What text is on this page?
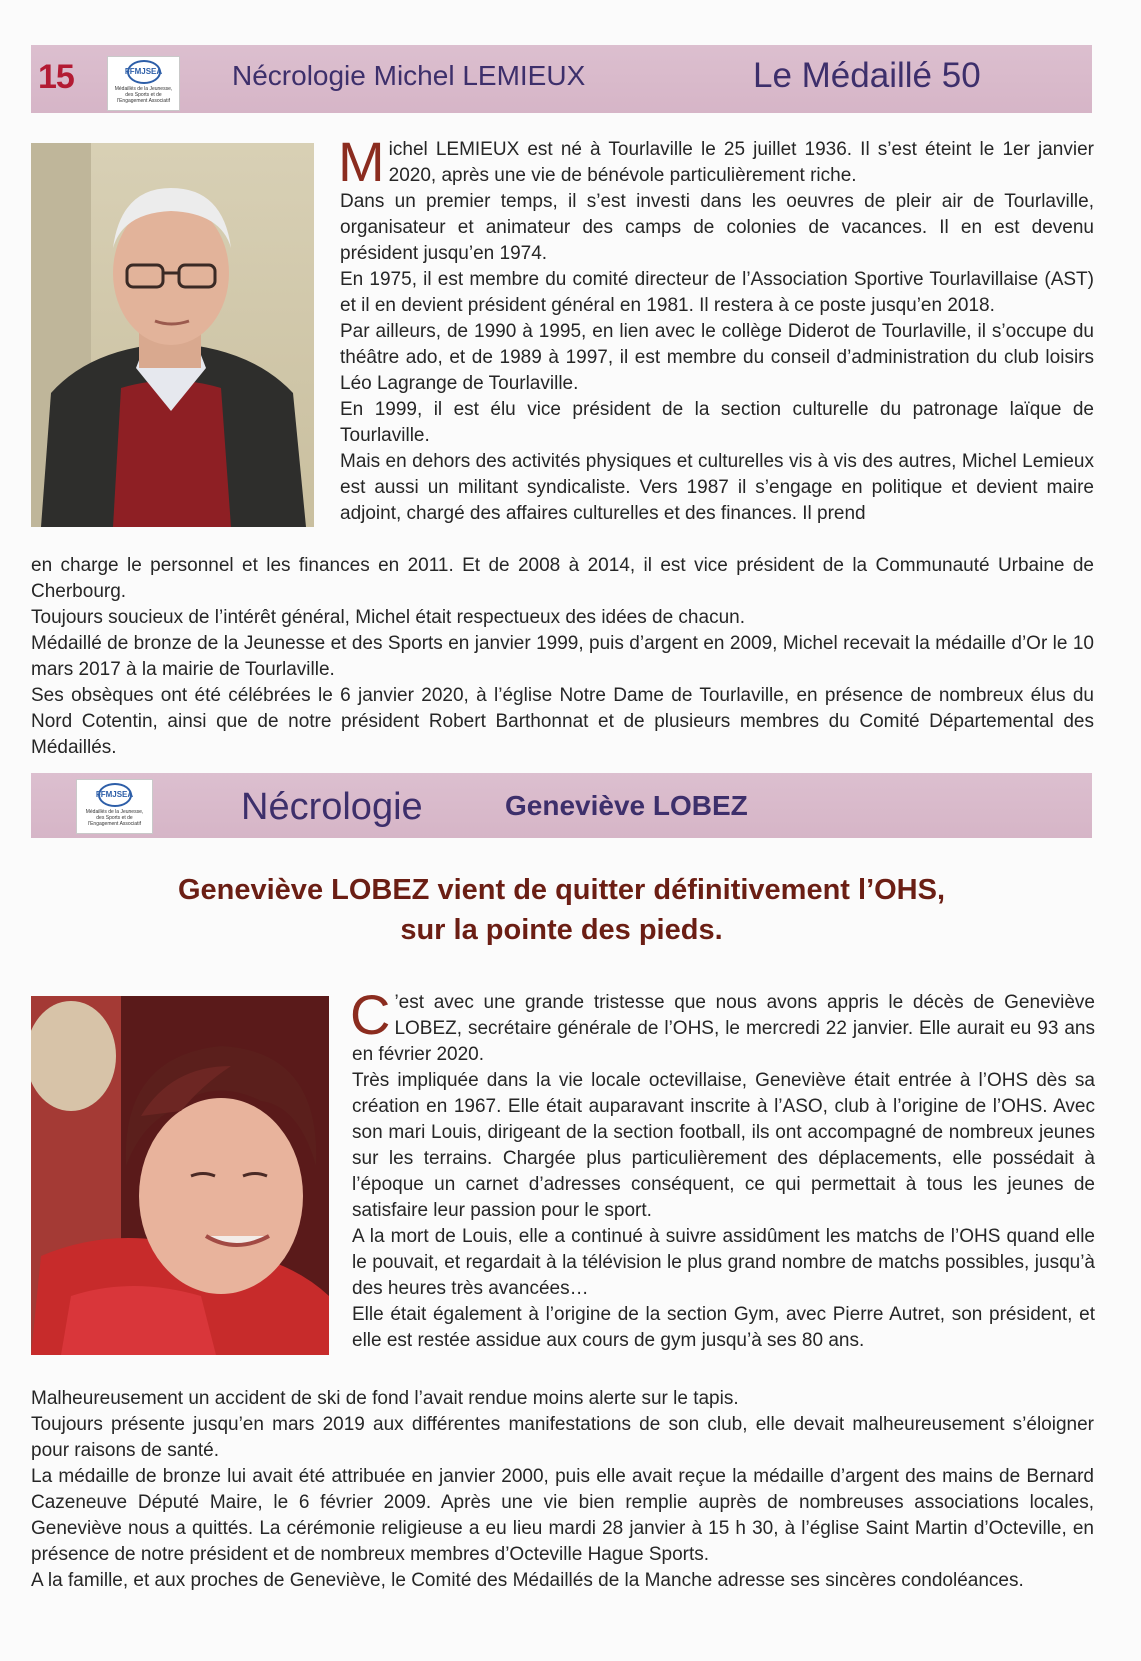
15	FFMJSEA
Médaillés de la Jeunesse, des Sports et de l'Engagement Associatif
Nécrologie Michel LEMIEUX	Le Médaillé 50
Michel LEMIEUX est né à Tourlaville le 25 juillet 1936. Il s’est éteint le 1er janvier 2020, après une vie de bénévole particulièrement riche.
Dans un premier temps, il s’est investi dans les oeuvres de pleir air de Tourlaville, organisateur et animateur des camps de colonies de vacances. Il en est devenu président jusqu’en 1974.
En 1975, il est membre du comité directeur de l’Association Sportive Tourlavillaise (AST) et il en devient président général en 1981. Il restera à ce poste jusqu’en 2018.
Par ailleurs, de 1990 à 1995, en lien avec le collège Diderot de Tourlaville, il s’occupe du théâtre ado, et de 1989 à 1997, il est membre du conseil d’administration du club loisirs Léo Lagrange de Tourlaville.
En 1999, il est élu vice président de la section culturelle du patronage laïque de Tourlaville.
Mais en dehors des activités physiques et culturelles vis à vis des autres, Michel Lemieux est aussi un militant syndicaliste. Vers 1987 il s’engage en politique et devient maire adjoint, chargé des affaires culturelles et des finances. Il prend
en charge le personnel et les finances en 2011. Et de 2008 à 2014, il est vice président de la Communauté Urbaine de Cherbourg.
Toujours soucieux de l’intérêt général, Michel était respectueux des idées de chacun.
Médaillé de bronze de la Jeunesse et des Sports en janvier 1999, puis d’argent en 2009, Michel recevait la médaille d’Or le 10 mars 2017 à la mairie de Tourlaville.
Ses obsèques ont été célébrées le 6 janvier 2020, à l’église Notre Dame de Tourlaville, en présence de nombreux élus du Nord Cotentin, ainsi que de notre président Robert Barthonnat et de plusieurs membres du Comité Départemental des Médaillés.
FFMJSEA
Médaillés de la Jeunesse, des Sports et de l'Engagement Associatif	Nécrologie	Geneviève LOBEZ
Geneviève LOBEZ vient de quitter définitivement l’OHS,
sur la pointe des pieds.
C ’est avec une grande tristesse que nous avons appris le décès de Geneviève LOBEZ, secrétaire générale de l’OHS, le mercredi 22 janvier. Elle aurait eu 93 ans en février 2020.
Très impliquée dans la vie locale octevillaise, Geneviève était entrée à l’OHS dès sa création en 1967. Elle était auparavant inscrite à l’ASO, club à l’origine de l’OHS. Avec son mari Louis, dirigeant de la section football, ils ont accompagné de nombreux jeunes sur les terrains. Chargée plus particulièrement des déplacements, elle possédait à l’époque un carnet d’adresses conséquent, ce qui permettait à tous les jeunes de satisfaire leur passion pour le sport.
A la mort de Louis, elle a continué à suivre assidûment les matchs de l’OHS quand elle le pouvait, et regardait à la télévision le plus grand nombre de matchs possibles, jusqu’à des heures très avancées…
Elle était également à l’origine de la section Gym, avec Pierre Autret, son président, et elle est restée assidue aux cours de gym jusqu’à ses 80 ans.
Malheureusement un accident de ski de fond l’avait rendue moins alerte sur le tapis.
Toujours présente jusqu’en mars 2019 aux différentes manifestations de son club, elle devait malheureusement s’éloigner pour raisons de santé.
La médaille de bronze lui avait été attribuée en janvier 2000, puis elle avait reçue la médaille d’argent des mains de Bernard Cazeneuve Député Maire, le 6 février 2009. Après une vie bien remplie auprès de nombreuses associations locales, Geneviève nous a quittés. La cérémonie religieuse a eu lieu mardi 28 janvier à 15 h 30, à l’église Saint Martin d’Octeville, en présence de notre président et de nombreux membres d’Octeville Hague Sports.
A la famille, et aux proches de Geneviève, le Comité des Médaillés de la Manche adresse ses sincères condoléances.
